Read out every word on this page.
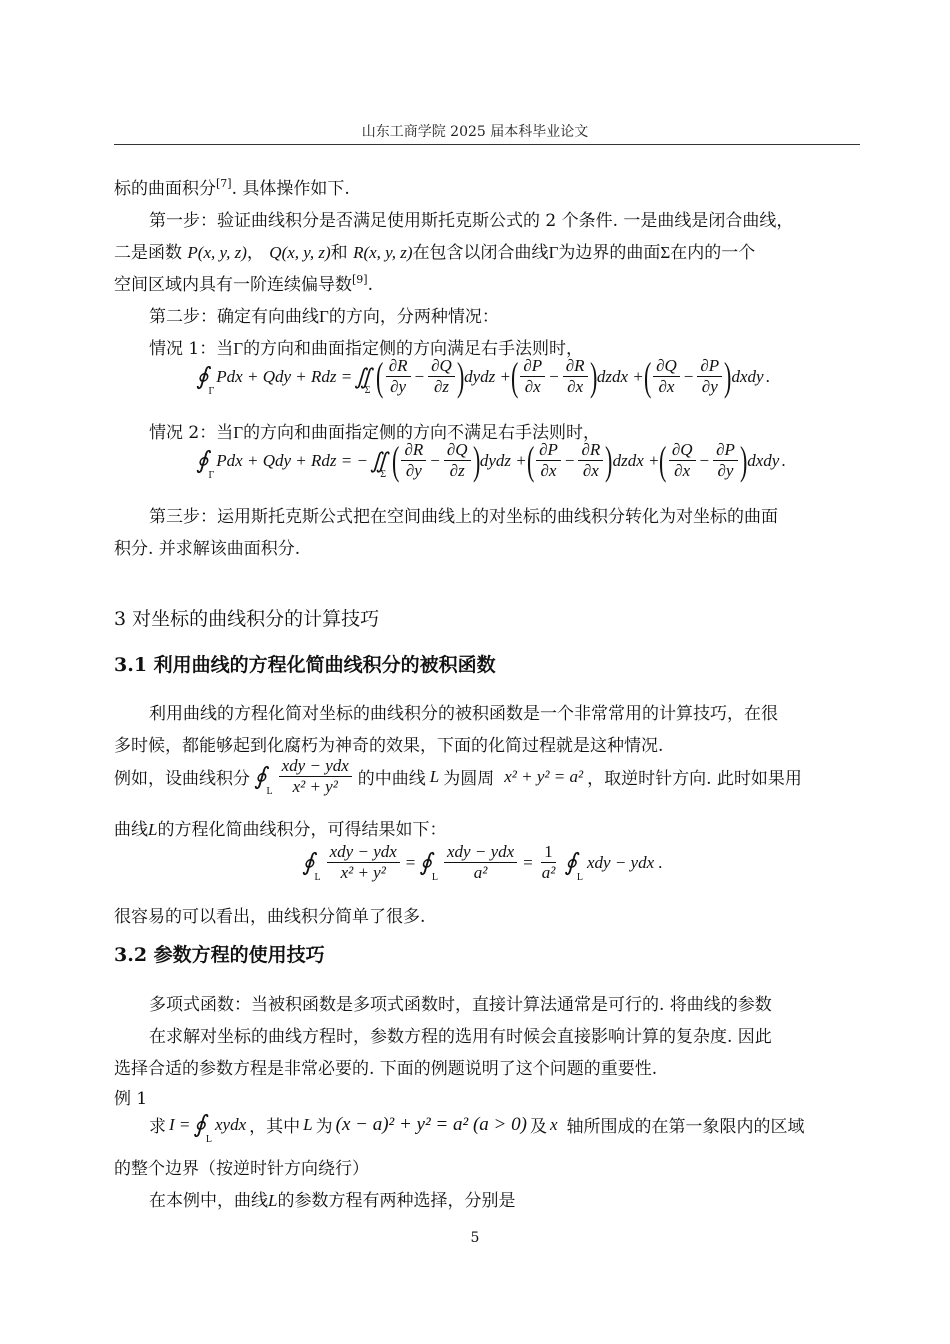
山东工商学院 2025 届本科毕业论文
标的曲面积分[7]. 具体操作如下.
第一步：验证曲线积分是否满足使用斯托克斯公式的 2 个条件. 一是曲线是闭合曲线，
二是函数 P(x, y, z)， Q(x, y, z)和 R(x, y, z)在包含以闭合曲线Γ为边界的曲面Σ在内的一个
空间区域内具有一阶连续偏导数[9].
第二步：确定有向曲线Γ的方向，分两种情况：
情况 1：当Γ的方向和曲面指定侧的方向满足右手法则时，
$∮_\Gamma$
Pdx + Qdy + Rdz = $∬_\Sigma$ ( $\frac{\partial R}{\partial y} - \frac{\partial Q}{\partial z}$ ) dydz + ( $\frac{\partial P}{\partial x} - \frac{\partial R}{\partial x}$ ) dzdx + ( $\frac{\partial Q}{\partial x} - \frac{\partial P}{\partial y}$ ) dxdy .
情况 2：当Γ的方向和曲面指定侧的方向不满足右手法则时，
$∮_\Gamma$
Pdx + Qdy + Rdz = − $∬_\Sigma$ ( $\frac{\partial R}{\partial y} - \frac{\partial Q}{\partial z}$ ) dydz + ( $\frac{\partial P}{\partial x} - \frac{\partial R}{\partial x}$ ) dzdx + ( $\frac{\partial Q}{\partial x} - \frac{\partial P}{\partial y}$ ) dxdy .
第三步：运用斯托克斯公式把在空间曲线上的对坐标的曲线积分转化为对坐标的曲面
积分. 并求解该曲面积分.
3 对坐标的曲线积分的计算技巧
3.1 利用曲线的方程化简曲线积分的被积函数
利用曲线的方程化简对坐标的曲线积分的被积函数是一个非常常用的计算技巧，在很
多时候，都能够起到化腐朽为神奇的效果，下面的化简过程就是这种情况.
例如，设曲线积分 $∮_L \frac{\text{xdy − ydx}}{\text{x² + y²}}$ 的中曲线 L 为圆周 x² + y² = a² ，取逆时针方向. 此时如果用
曲线L的方程化简曲线积分，可得结果如下：
$∮_L \frac{\text{xdy − ydx}}{\text{x² + y²}}$ = $∮_L \frac{\text{xdy − ydx}}{\text{a²}} = \frac{1}{\text{a²}}$ $∮_L$
xdy − ydx .
很容易的可以看出，曲线积分简单了很多.
3.2 参数方程的使用技巧
多项式函数：当被积函数是多项式函数时，直接计算法通常是可行的. 将曲线的参数
在求解对坐标的曲线方程时，参数方程的选用有时候会直接影响计算的复杂度. 因此
选择合适的参数方程是非常必要的. 下面的例题说明了这个问题的重要性.
例 1
求 $I = ∮_L$
xydx ，其中 L 为 (x − a)² + y² = a² (a > 0) 及 x 轴所围成的在第一象限内的区域
的整个边界（按逆时针方向绕行）
在本例中，曲线L的参数方程有两种选择，分别是
5
